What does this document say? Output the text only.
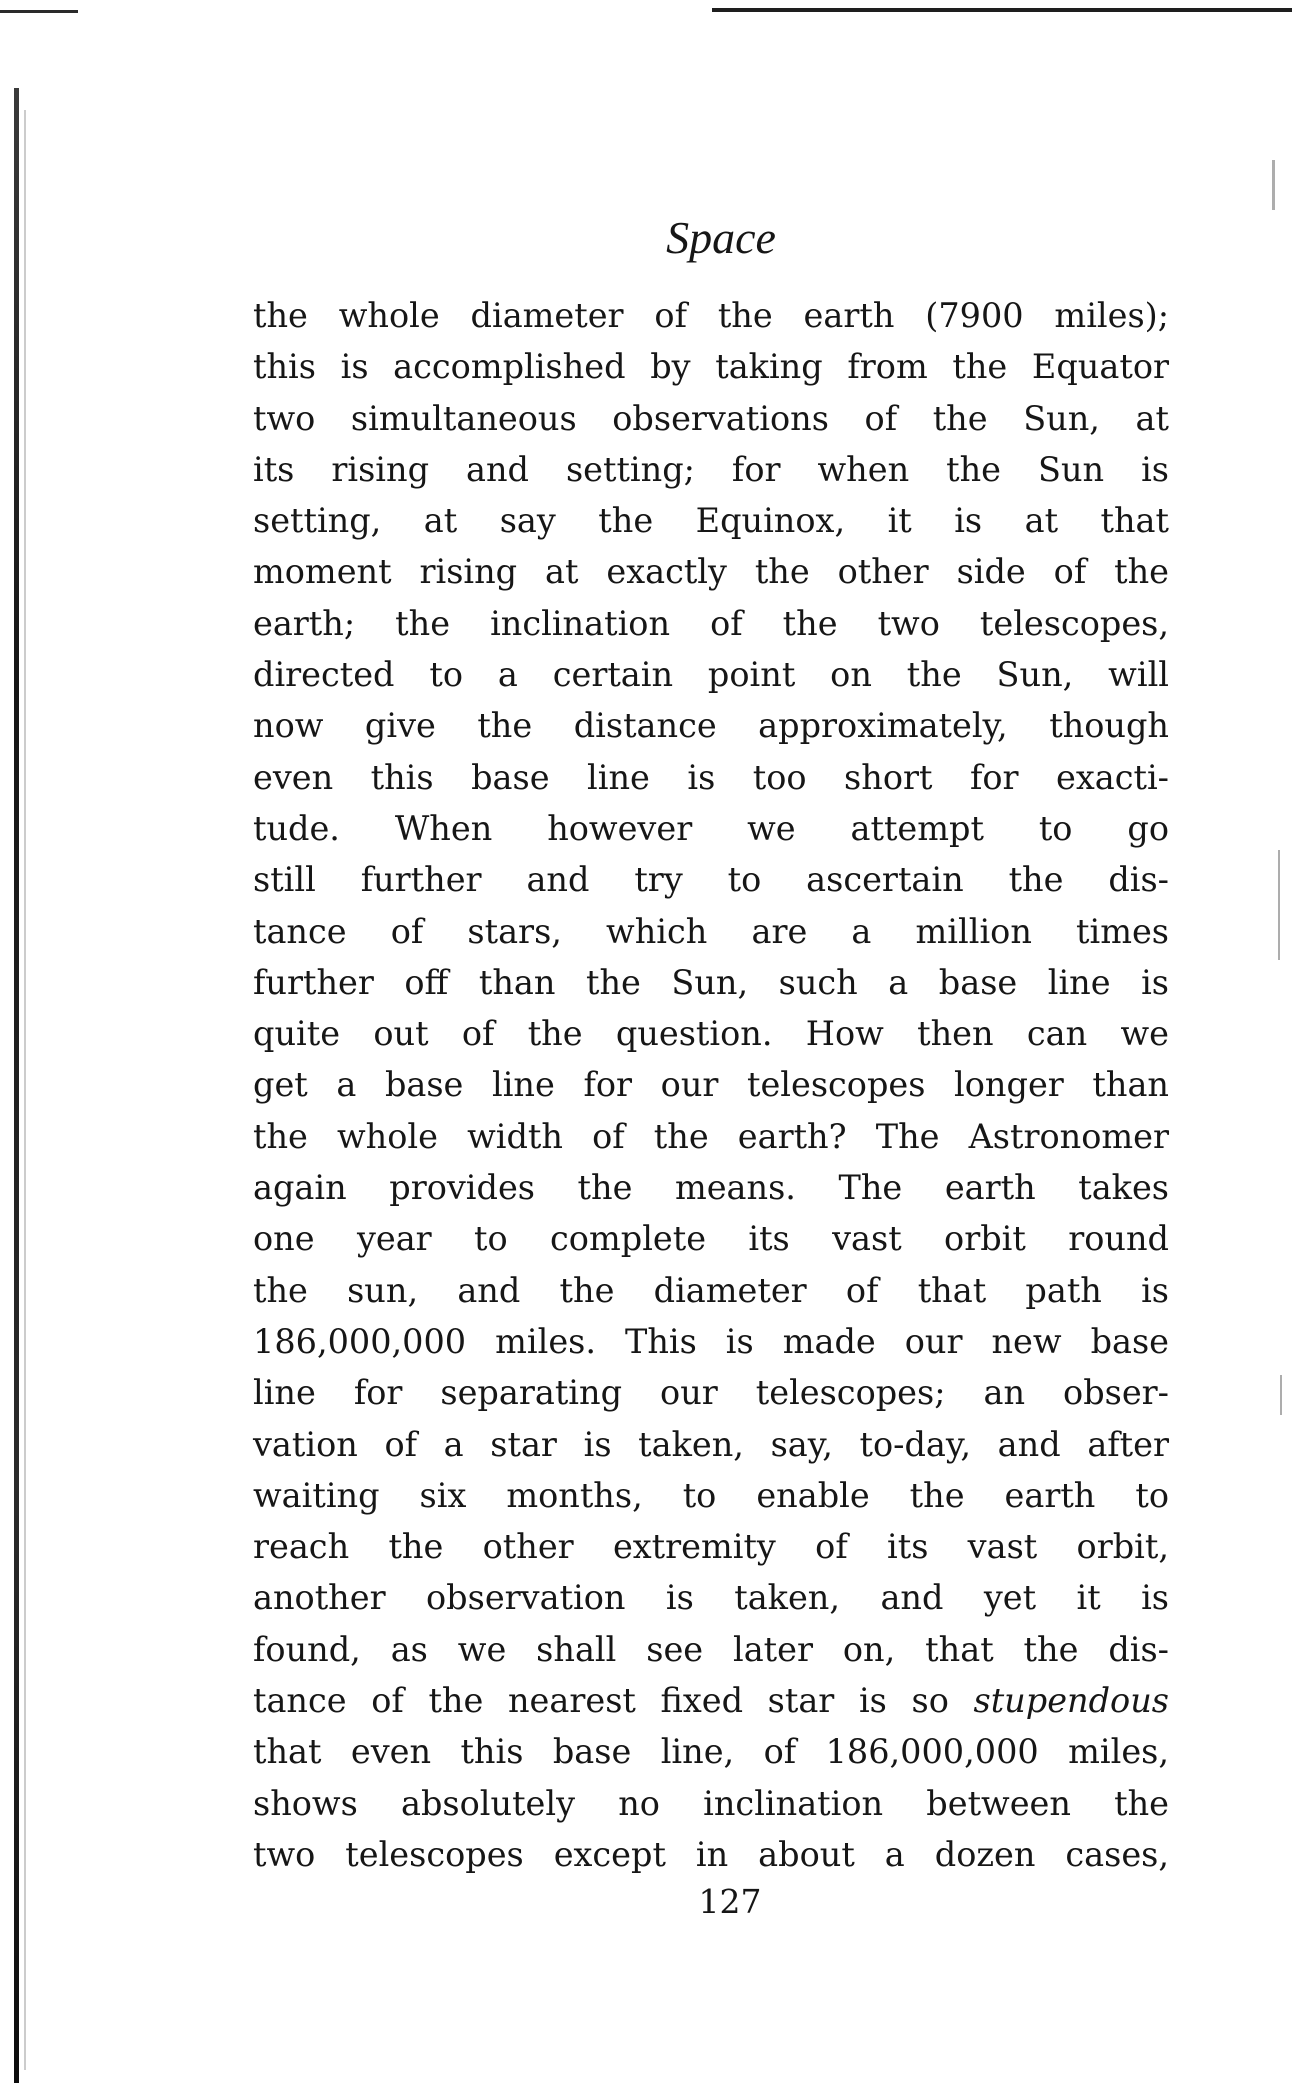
Space
the whole diameter of the earth (7900 miles);
this is accomplished by taking from the Equator
two simultaneous observations of the Sun, at
its rising and setting; for when the Sun is
setting, at say the Equinox, it is at that
moment rising at exactly the other side of the
earth; the inclination of the two telescopes,
directed to a certain point on the Sun, will
now give the distance approximately, though
even this base line is too short for exacti-
tude. When however we attempt to go
still further and try to ascertain the dis-
tance of stars, which are a million times
further off than the Sun, such a base line is
quite out of the question. How then can we
get a base line for our telescopes longer than
the whole width of the earth? The Astronomer
again provides the means. The earth takes
one year to complete its vast orbit round
the sun, and the diameter of that path is
186,000,000 miles. This is made our new base
line for separating our telescopes; an obser-
vation of a star is taken, say, to-day, and after
waiting six months, to enable the earth to
reach the other extremity of its vast orbit,
another observation is taken, and yet it is
found, as we shall see later on, that the dis-
tance of the nearest fixed star is so stupendous
that even this base line, of 186,000,000 miles,
shows absolutely no inclination between the
two telescopes except in about a dozen cases,
127
